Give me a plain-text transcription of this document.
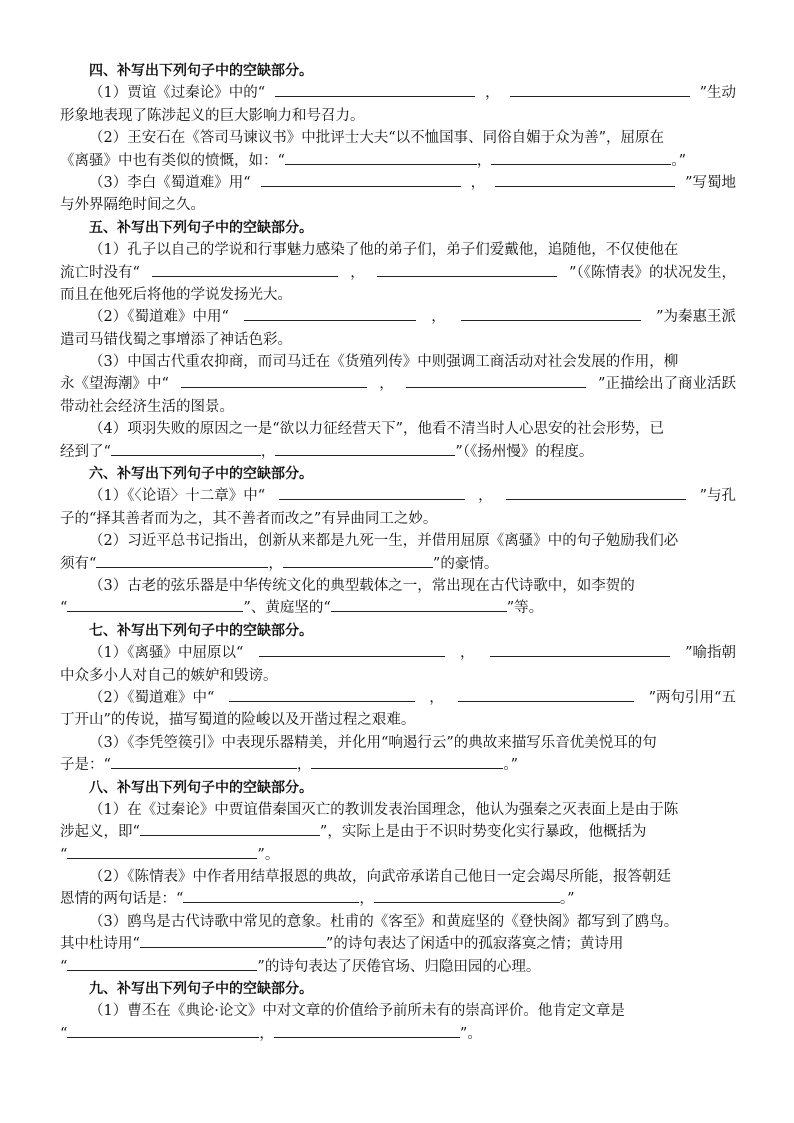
四、补写出下列句子中的空缺部分。
（1）贾谊《过秦论》中的“	，	”生动
形象地表现了陈涉起义的巨大影响力和号召力。
（2）王安石在《答司马谏议书》中批评士大夫“以不恤国事、同俗自媚于众为善”，屈原在
《离骚》中也有类似的愤慨，如：“	，	。”
（3）李白《蜀道难》用“	，	”写蜀地
与外界隔绝时间之久。
五、补写出下列句子中的空缺部分。
（1）孔子以自己的学说和行事魅力感染了他的弟子们，弟子们爱戴他，追随他，不仅使他在
流亡时没有“	，	”（《陈情表》的状况发生，
而且在他死后将他的学说发扬光大。
（2）《蜀道难》中用“	，	”为秦惠王派
遣司马错伐蜀之事增添了神话色彩。
（3）中国古代重农抑商，而司马迁在《货殖列传》中则强调工商活动对社会发展的作用，柳
永《望海潮》中“	，	”正描绘出了商业活跃
带动社会经济生活的图景。
（4）项羽失败的原因之一是“欲以力征经营天下”，他看不清当时人心思安的社会形势，已
经到了“	，	”（《扬州慢》的程度。
六、补写出下列句子中的空缺部分。
（1）《〈论语〉十二章》中“	，	”与孔
子的“择其善者而为之，其不善者而改之”有异曲同工之妙。
（2）习近平总书记指出，创新从来都是九死一生，并借用屈原《离骚》中的句子勉励我们必
须有“	，	”的豪情。
（3）古老的弦乐器是中华传统文化的典型载体之一，常出现在古代诗歌中，如李贺的
“	”、黄庭坚的“	”等。
七、补写出下列句子中的空缺部分。
（1）《离骚》中屈原以“	，	”喻指朝
中众多小人对自己的嫉妒和毁谤。
（2）《蜀道难》中“	，	”两句引用“五
丁开山”的传说，描写蜀道的险峻以及开凿过程之艰难。
（3）《李凭箜篌引》中表现乐器精美，并化用“响遏行云”的典故来描写乐音优美悦耳的句
子是：“	，	。”
八、补写出下列句子中的空缺部分。
（1）在《过秦论》中贾谊借秦国灭亡的教训发表治国理念，他认为强秦之灭表面上是由于陈
涉起义，即“	”，实际上是由于不识时势变化实行暴政，他概括为
“	”。
（2）《陈情表》中作者用结草报恩的典故，向武帝承诺自己他日一定会竭尽所能，报答朝廷
恩情的两句话是：“	，	。”
（3）鸥鸟是古代诗歌中常见的意象。杜甫的《客至》和黄庭坚的《登快阁》都写到了鸥鸟。
其中杜诗用“	”的诗句表达了闲适中的孤寂落寞之情；黄诗用
“	”的诗句表达了厌倦官场、归隐田园的心理。
九、补写出下列句子中的空缺部分。
（1）曹丕在《典论·论文》中对文章的价值给予前所未有的崇高评价。他肯定文章是
“	，	”。
